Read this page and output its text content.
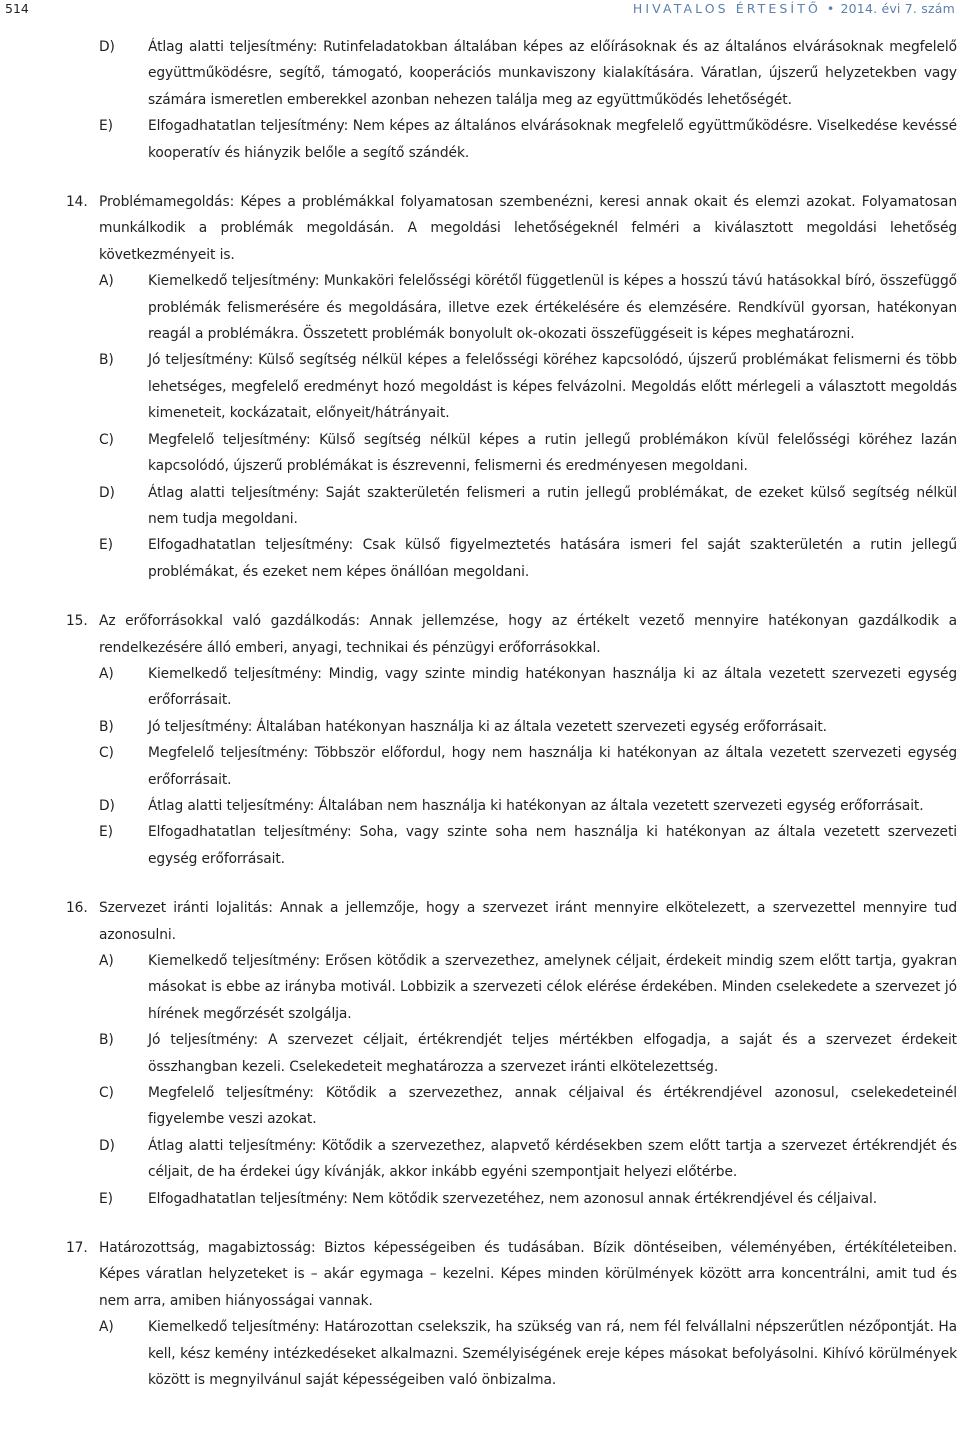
514	HIVATALOS ÉRTESÍTŐ • 2014. évi 7. szám
D)	Átlag alatti teljesítmény: Rutinfeladatokban általában képes az előírásoknak és az általános elvárásoknak megfelelő együttműködésre, segítő, támogató, kooperációs munkaviszony kialakítására. Váratlan, újszerű helyzetekben vagy számára ismeretlen emberekkel azonban nehezen találja meg az együttműködés lehetőségét.

E)	Elfogadhatatlan teljesítmény: Nem képes az általános elvárásoknak megfelelő együttműködésre. Viselkedése kevéssé kooperatív és hiányzik belőle a segítő szándék.

14. Problémamegoldás: Képes a problémákkal folyamatosan szembenézni, keresi annak okait és elemzi azokat. Folyamatosan munkálkodik a problémák megoldásán. A megoldási lehetőségeknél felméri a kiválasztott megoldási lehetőség következményeit is.

A)	Kiemelkedő teljesítmény: Munkaköri felelősségi körétől függetlenül is képes a hosszú távú hatásokkal bíró, összefüggő problémák felismerésére és megoldására, illetve ezek értékelésére és elemzésére. Rendkívül gyorsan, hatékonyan reagál a problémákra. Összetett problémák bonyolult ok-okozati összefüggéseit is képes meghatározni.

B)	Jó teljesítmény: Külső segítség nélkül képes a felelősségi köréhez kapcsolódó, újszerű problémákat felismerni és több lehetséges, megfelelő eredményt hozó megoldást is képes felvázolni. Megoldás előtt mérlegeli a választott megoldás kimeneteit, kockázatait, előnyeit/hátrányait.

C)	Megfelelő teljesítmény: Külső segítség nélkül képes a rutin jellegű problémákon kívül felelősségi köréhez lazán kapcsolódó, újszerű problémákat is észrevenni, felismerni és eredményesen megoldani.

D)	Átlag alatti teljesítmény: Saját szakterületén felismeri a rutin jellegű problémákat, de ezeket külső segítség nélkül nem tudja megoldani.

E)	Elfogadhatatlan teljesítmény: Csak külső figyelmeztetés hatására ismeri fel saját szakterületén a rutin jellegű problémákat, és ezeket nem képes önállóan megoldani.

15. Az erőforrásokkal való gazdálkodás: Annak jellemzése, hogy az értékelt vezető mennyire hatékonyan gazdálkodik a rendelkezésére álló emberi, anyagi, technikai és pénzügyi erőforrásokkal.

A)	Kiemelkedő teljesítmény: Mindig, vagy szinte mindig hatékonyan használja ki az általa vezetett szervezeti egység erőforrásait.

B)	Jó teljesítmény: Általában hatékonyan használja ki az általa vezetett szervezeti egység erőforrásait.

C)	Megfelelő teljesítmény: Többször előfordul, hogy nem használja ki hatékonyan az általa vezetett szervezeti egység erőforrásait.

D)	Átlag alatti teljesítmény: Általában nem használja ki hatékonyan az általa vezetett szervezeti egység erőforrásait.

E)	Elfogadhatatlan teljesítmény: Soha, vagy szinte soha nem használja ki hatékonyan az általa vezetett szervezeti egység erőforrásait.

16. Szervezet iránti lojalitás: Annak a jellemzője, hogy a szervezet iránt mennyire elkötelezett, a szervezettel mennyire tud azonosulni.

A)	Kiemelkedő teljesítmény: Erősen kötődik a szervezethez, amelynek céljait, érdekeit mindig szem előtt tartja, gyakran másokat is ebbe az irányba motivál. Lobbizik a szervezeti célok elérése érdekében. Minden cselekedete a szervezet jó hírének megőrzését szolgálja.

B)	Jó teljesítmény: A szervezet céljait, értékrendjét teljes mértékben elfogadja, a saját és a szervezet érdekeit összhangban kezeli. Cselekedeteit meghatározza a szervezet iránti elkötelezettség.

C)	Megfelelő teljesítmény: Kötődik a szervezethez, annak céljaival és értékrendjével azonosul, cselekedeteinél figyelembe veszi azokat.

D)	Átlag alatti teljesítmény: Kötődik a szervezethez, alapvető kérdésekben szem előtt tartja a szervezet értékrendjét és céljait, de ha érdekei úgy kívánják, akkor inkább egyéni szempontjait helyezi előtérbe.

E)	Elfogadhatatlan teljesítmény: Nem kötődik szervezetéhez, nem azonosul annak értékrendjével és céljaival.

17. Határozottság, magabiztosság: Biztos képességeiben és tudásában. Bízik döntéseiben, véleményében, értékítéleteiben. Képes váratlan helyzeteket is – akár egymaga – kezelni. Képes minden körülmények között arra koncentrálni, amit tud és nem arra, amiben hiányosságai vannak.

A)	Kiemelkedő teljesítmény: Határozottan cselekszik, ha szükség van rá, nem fél felvállalni népszerűtlen nézőpontját. Ha kell, kész kemény intézkedéseket alkalmazni. Személyiségének ereje képes másokat befolyásolni. Kihívó körülmények között is megnyilvánul saját képességeiben való önbizalma.
